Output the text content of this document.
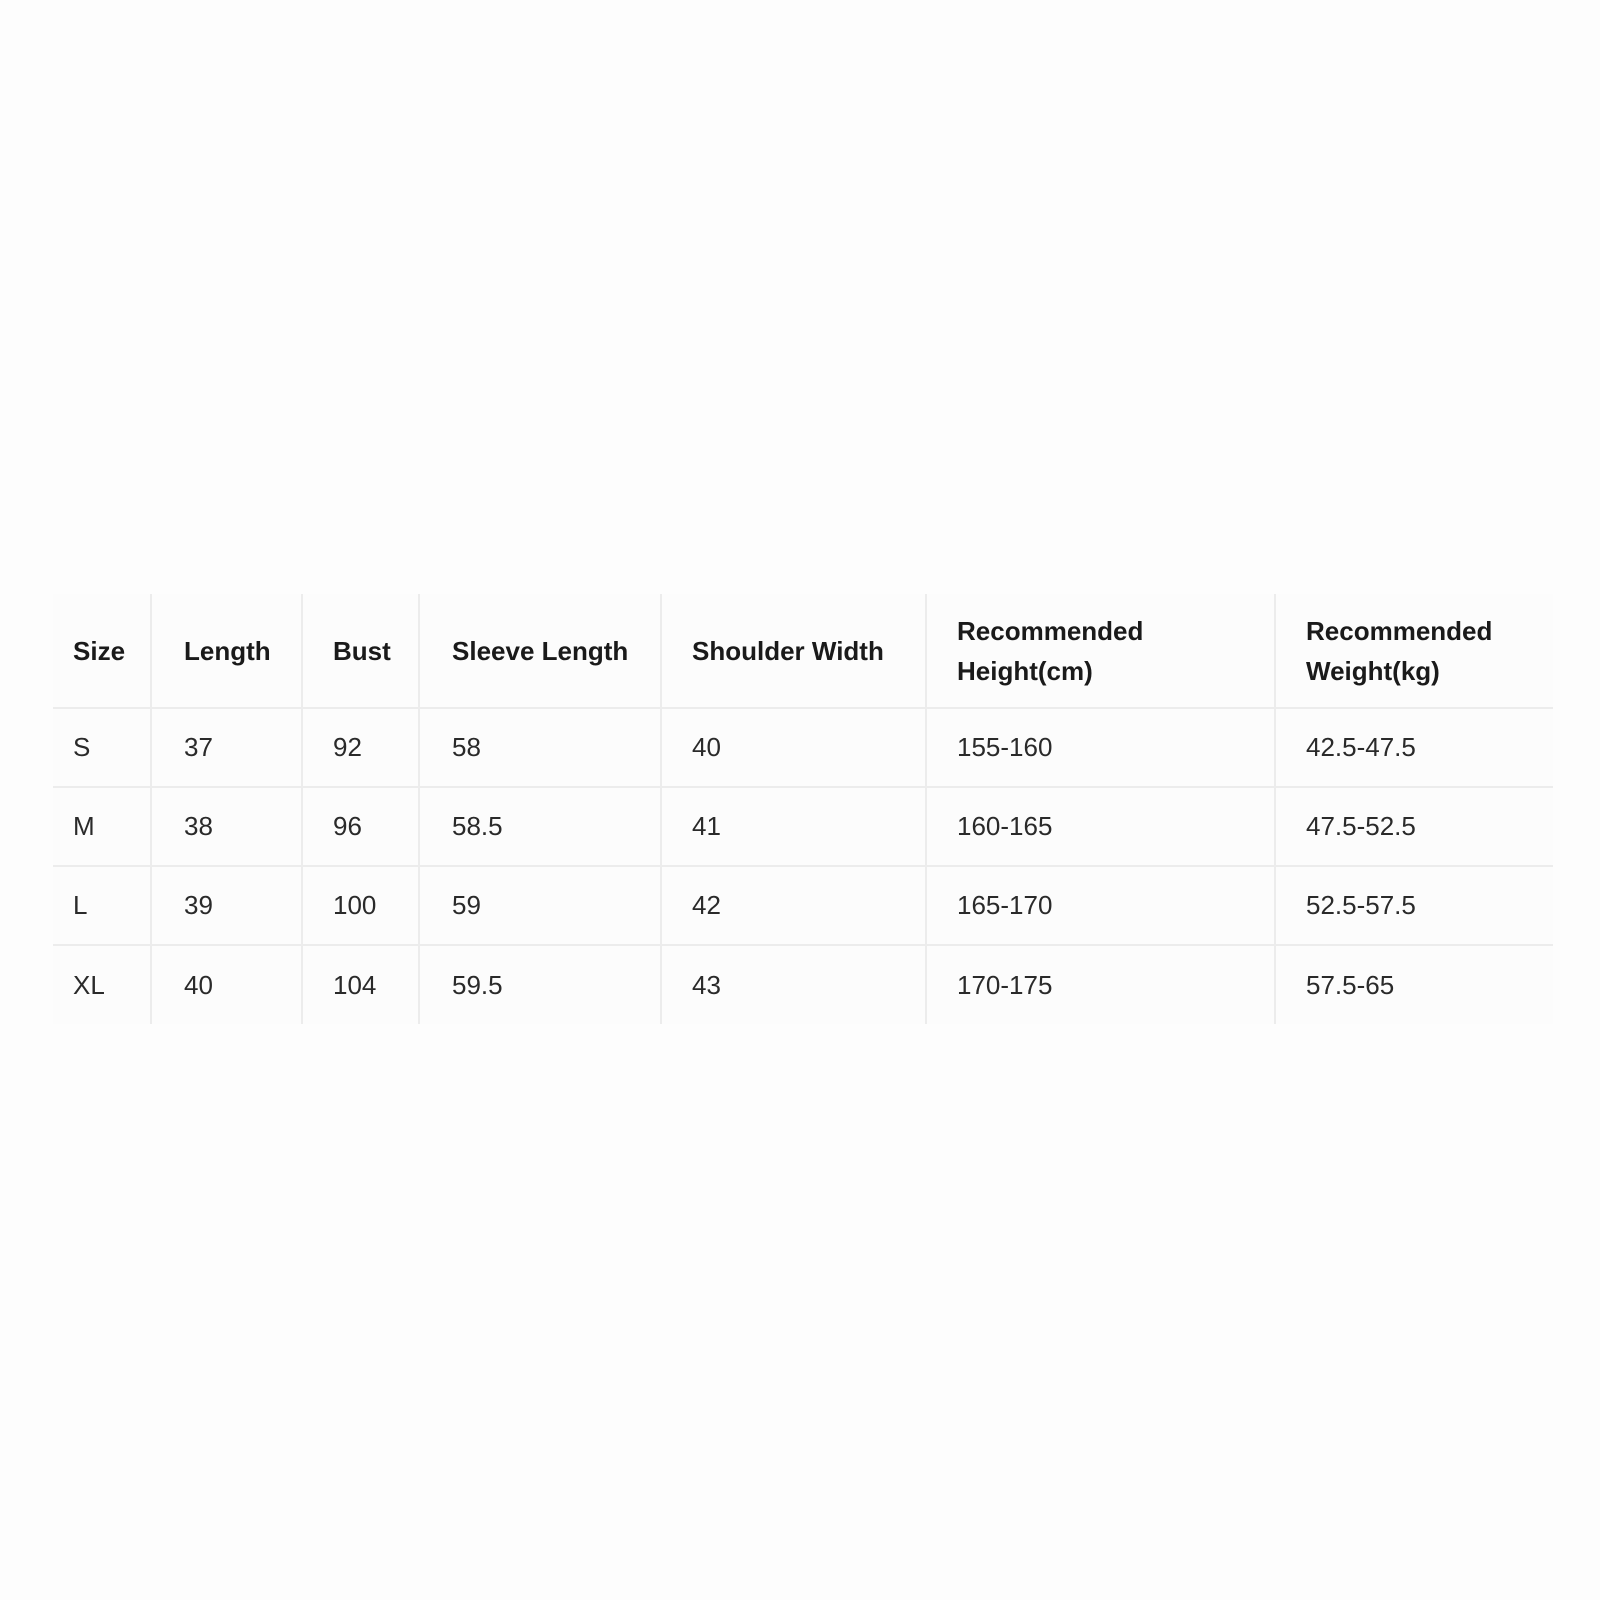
Size	Length	Bust	Sleeve Length	Shoulder Width	Recommended Height(cm)	Recommended Weight(kg)
S	37	92	58	40	155-160	42.5-47.5
M	38	96	58.5	41	160-165	47.5-52.5
L	39	100	59	42	165-170	52.5-57.5
XL	40	104	59.5	43	170-175	57.5-65
